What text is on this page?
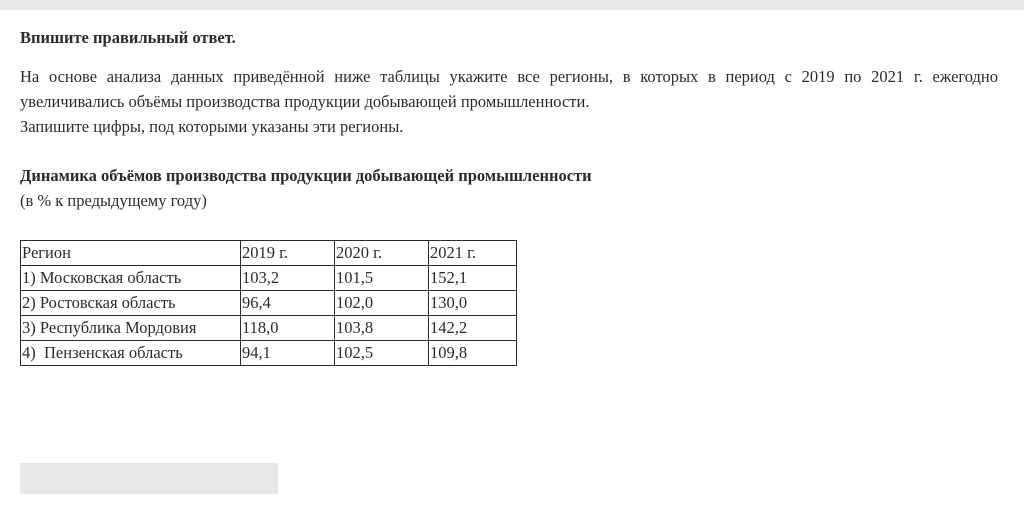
Впишите правильный ответ.

На основе анализа данных приведённой ниже таблицы укажите все регионы, в которых в период с 2019 по 2021 г. ежегодно увеличивались объёмы производства продукции добывающей промышленности.

Запишите цифры, под которыми указаны эти регионы.

Динамика объёмов производства продукции добывающей промышленности

(в % к предыдущему году)

Регион	2019 г.	2020 г.	2021 г.
1) Московская область	103,2	101,5	152,1
2) Ростовская область	96,4	102,0	130,0
3) Республика Мордовия	118,0	103,8	142,2
4)  Пензенская область	94,1	102,5	109,8
